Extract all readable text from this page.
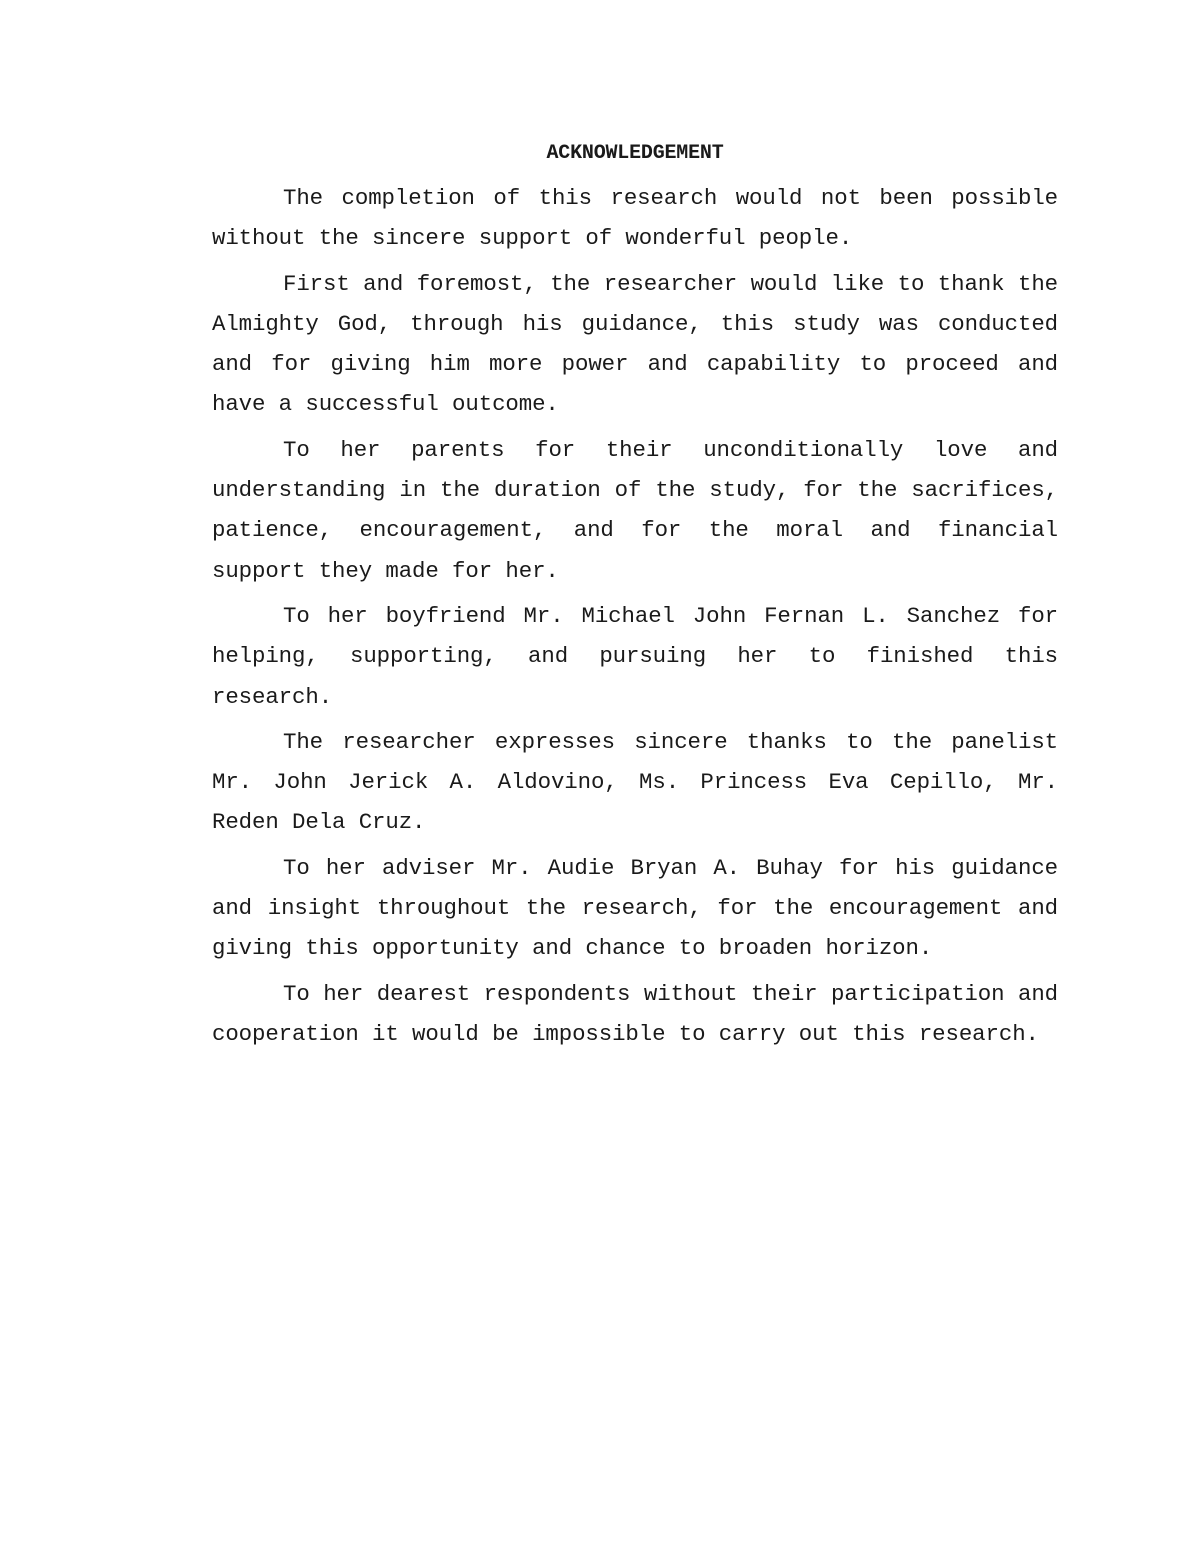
ACKNOWLEDGEMENT

The completion of this research would not been possible without the sincere support of wonderful people.

First and foremost, the researcher would like to thank the Almighty God, through his guidance, this study was conducted and for giving him more power and capability to proceed and have a successful outcome.

To her parents for their unconditionally love and understanding in the duration of the study, for the sacrifices, patience, encouragement, and for the moral and financial support they made for her.

To her boyfriend Mr. Michael John Fernan L. Sanchez for helping, supporting, and pursuing her to finished this research.

The researcher expresses sincere thanks to the panelist Mr. John Jerick A. Aldovino, Ms. Princess Eva Cepillo, Mr. Reden Dela Cruz.

To her adviser Mr. Audie Bryan A. Buhay for his guidance and insight throughout the research, for the encouragement and giving this opportunity and chance to broaden horizon.

To her dearest respondents without their participation and cooperation it would be impossible to carry out this research.
